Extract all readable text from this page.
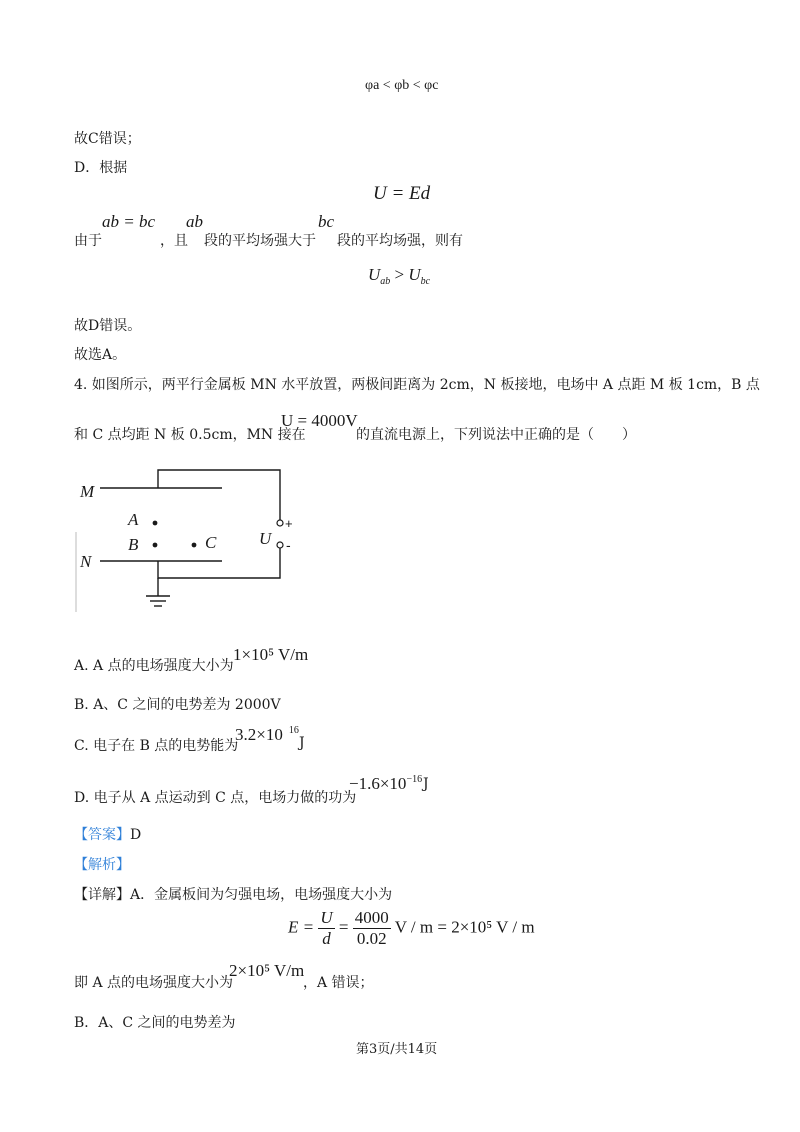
φa < φb < φc
故C错误；
D．根据
U = Ed
由于
ab = bc
，且
ab
段的平均场强大于
bc
段的平均场强，则有
$U_{ab} > U_{bc}$
故D错误。
故选A。
4. 如图所示，两平行金属板 MN 水平放置，两极间距离为 2cm，N 板接地，电场中 A 点距 M 板 1cm，B 点
和 C 点均距 N 板 0.5cm，MN 接在
U = 4000V
的直流电源上，下列说法中正确的是（　　）
M
N
A
B	C	U
+
-
A. A 点的电场强度大小为
1×10⁵ V/m
B. A、C 之间的电势差为 2000V
C. 电子在 B 点的电势能为
3.2×10 $^{16}$
J
D. 电子从 A 点运动到 C 点，电场力做的功为
$-1.6\times 10^{-16}$ J
【答案】D
【解析】
【详解】A．金属板间为匀强电场，电场强度大小为
$E = \frac{U}{d} = \frac{4000}{0.02}$ V / m = 2×10⁵ V / m
即 A 点的电场强度大小为
2×10⁵ V/m
，A 错误；
B．A、C 之间的电势差为
第3页/共14页
